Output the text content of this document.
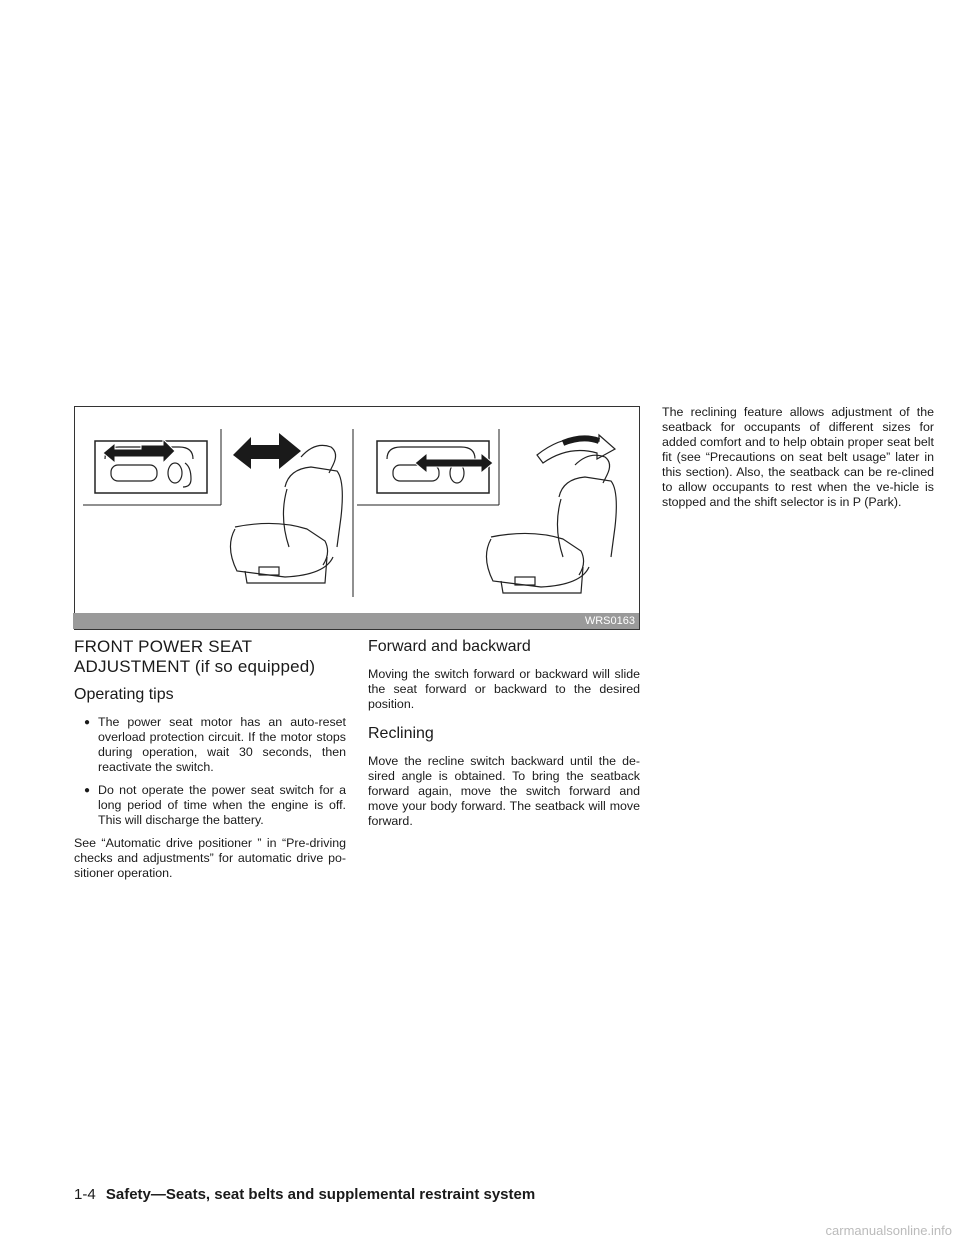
WRS0163
FRONT POWER SEAT
ADJUSTMENT (if so equipped)
Operating tips
● The power seat motor has an auto-reset overload protection circuit. If the motor stops during operation, wait 30 seconds, then reactivate the switch.
● Do not operate the power seat switch for a long period of time when the engine is off. This will discharge the battery.

See “Automatic drive positioner ” in “Pre-driving checks and adjustments” for automatic drive po-sitioner operation.

Forward and backward

Moving the switch forward or backward will slide the seat forward or backward to the desired position.

Reclining

Move the recline switch backward until the de-sired angle is obtained. To bring the seatback forward again, move the switch forward and move your body forward. The seatback will move forward.

The reclining feature allows adjustment of the seatback for occupants of different sizes for added comfort and to help obtain proper seat belt fit (see “Precautions on seat belt usage” later in this section). Also, the seatback can be re-clined to allow occupants to rest when the ve-hicle is stopped and the shift selector is in P (Park).

1-4 Safety—Seats, seat belts and supplemental restraint system
carmanualsonline.info
